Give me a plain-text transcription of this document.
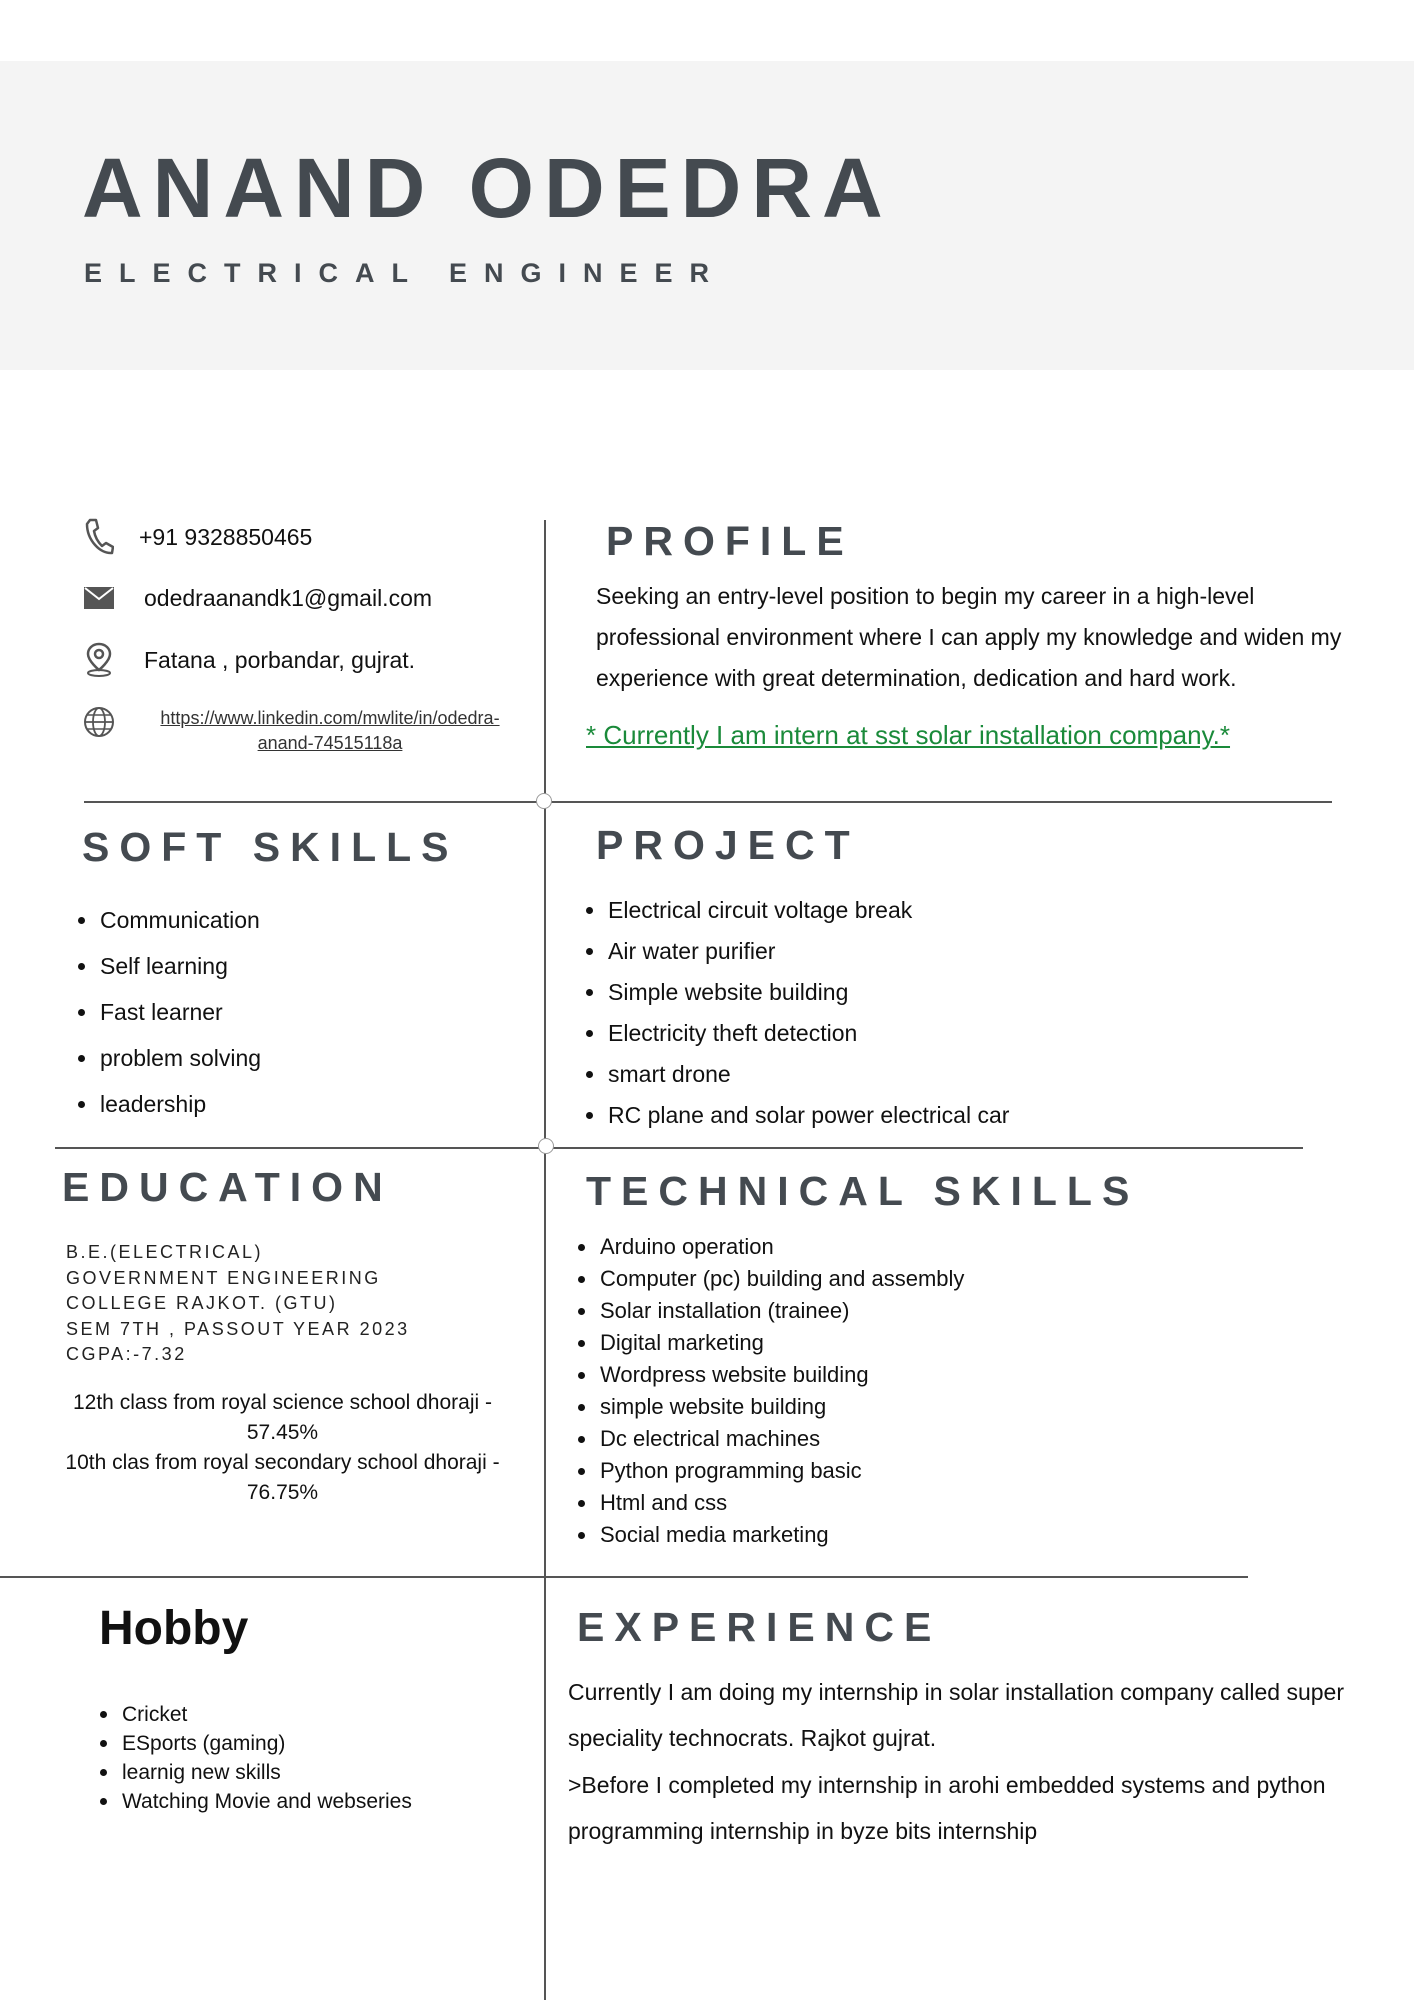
ANAND ODEDRA
ELECTRICAL ENGINEER
+91 9328850465
odedraanandk1@gmail.com
Fatana , porbandar, gujrat.
https://www.linkedin.com/mwlite/in/odedra-
anand-74515118a
PROFILE

Seeking an entry-level position to begin my career in a high-level professional environment where I can apply my knowledge and widen my experience with great determination, dedication and hard work.

* Currently I am intern at sst solar installation company.*
SOFT SKILLS
Communication
Self learning
Fast learner
problem solving
leadership
PROJECT
Electrical circuit voltage break
Air water purifier
Simple website building
Electricity theft detection
smart drone
RC plane and solar power electrical car
EDUCATION
B.E.(ELECTRICAL)
GOVERNMENT ENGINEERING
COLLEGE RAJKOT. (GTU)
SEM 7TH , PASSOUT YEAR 2023
CGPA:-7.32
12th class from royal science school dhoraji -
57.45%
10th clas from royal secondary school dhoraji -
76.75%
TECHNICAL SKILLS
Arduino operation
Computer (pc) building and assembly
Solar installation (trainee)
Digital marketing
Wordpress website building
simple website building
Dc electrical machines
Python programming basic
Html and css
Social media marketing
Hobby
Cricket
ESports (gaming)
learnig new skills
Watching Movie and webseries
EXPERIENCE

Currently I am doing my internship in solar installation company called super speciality technocrats. Rajkot gujrat.

>Before I completed my internship in arohi embedded systems and python programming internship in byze bits internship
